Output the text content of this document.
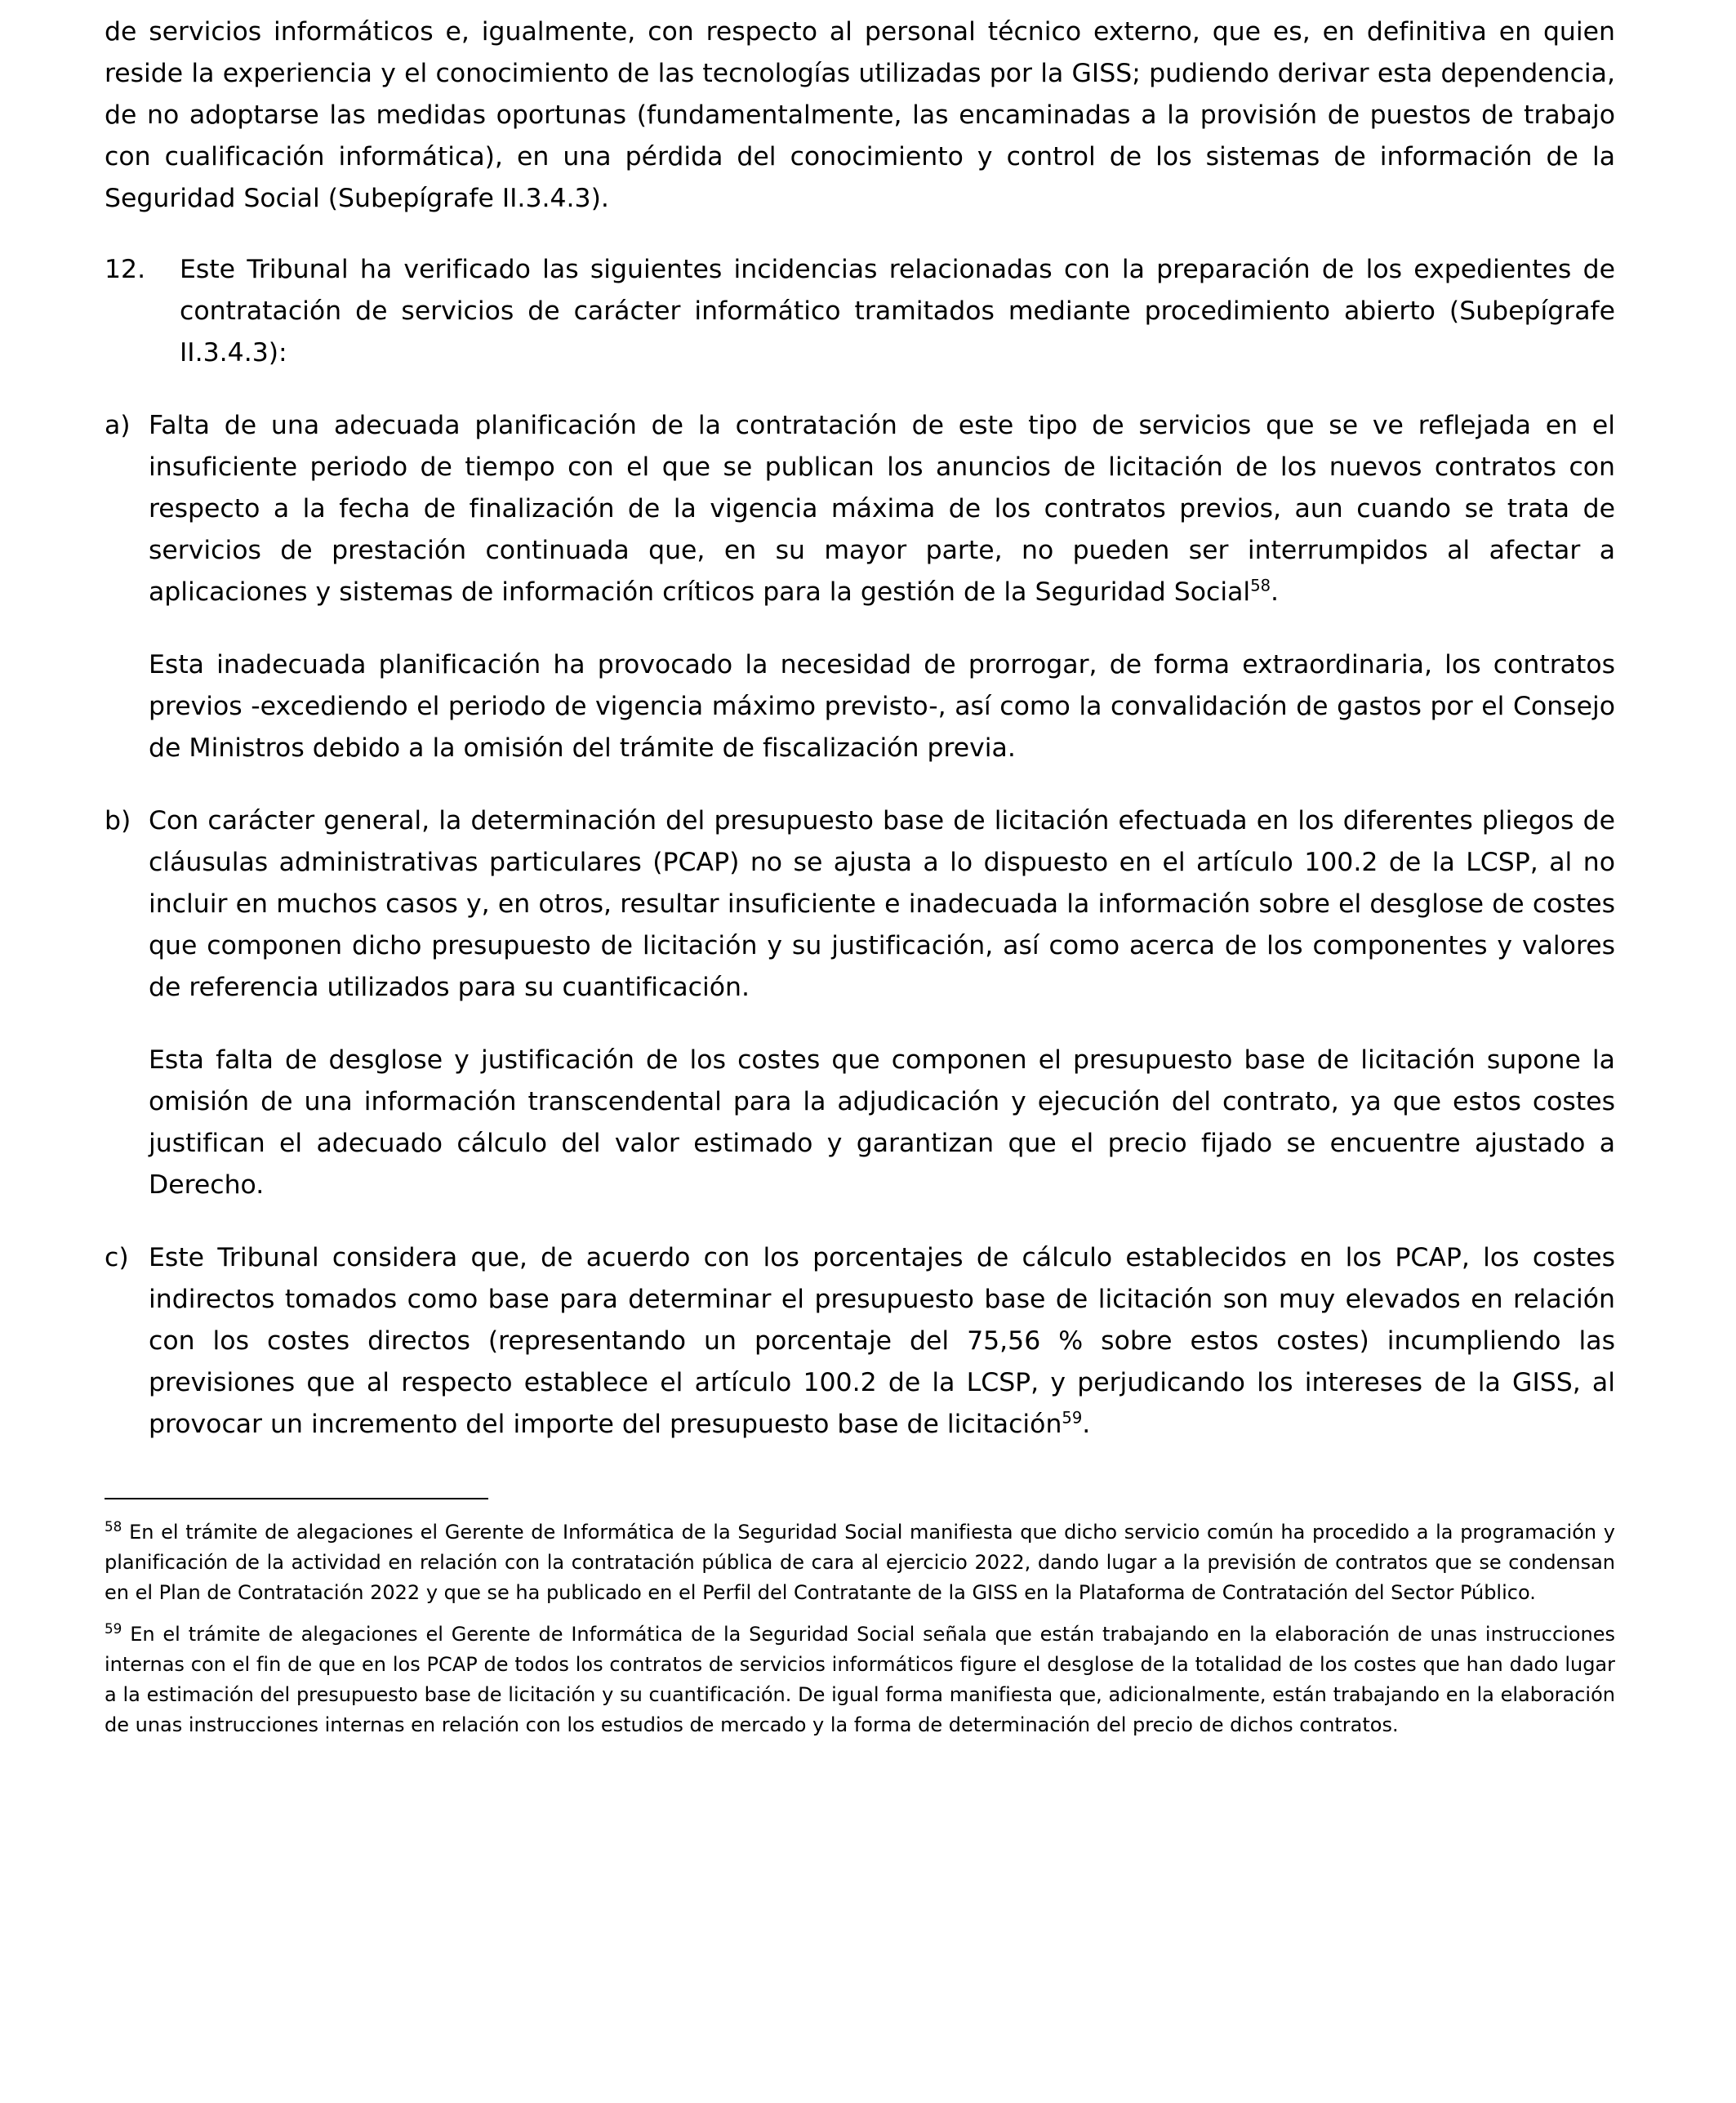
de servicios informáticos e, igualmente, con respecto al personal técnico externo, que es, en definitiva en quien reside la experiencia y el conocimiento de las tecnologías utilizadas por la GISS; pudiendo derivar esta dependencia, de no adoptarse las medidas oportunas (fundamentalmente, las encaminadas a la provisión de puestos de trabajo con cualificación informática), en una pérdida del conocimiento y control de los sistemas de información de la Seguridad Social (Subepígrafe II.3.4.3).

12.	Este Tribunal ha verificado las siguientes incidencias relacionadas con la preparación de los expedientes de contratación de servicios de carácter informático tramitados mediante procedimiento abierto (Subepígrafe II.3.4.3):

a) Falta de una adecuada planificación de la contratación de este tipo de servicios que se ve reflejada en el insuficiente periodo de tiempo con el que se publican los anuncios de licitación de los nuevos contratos con respecto a la fecha de finalización de la vigencia máxima de los contratos previos, aun cuando se trata de servicios de prestación continuada que, en su mayor parte, no pueden ser interrumpidos al afectar a aplicaciones y sistemas de información críticos para la gestión de la Seguridad Social$^{58}$.

Esta inadecuada planificación ha provocado la necesidad de prorrogar, de forma extraordinaria, los contratos previos -excediendo el periodo de vigencia máximo previsto-, así como la convalidación de gastos por el Consejo de Ministros debido a la omisión del trámite de fiscalización previa.

b) Con carácter general, la determinación del presupuesto base de licitación efectuada en los diferentes pliegos de cláusulas administrativas particulares (PCAP) no se ajusta a lo dispuesto en el artículo 100.2 de la LCSP, al no incluir en muchos casos y, en otros, resultar insuficiente e inadecuada la información sobre el desglose de costes que componen dicho presupuesto de licitación y su justificación, así como acerca de los componentes y valores de referencia utilizados para su cuantificación.

Esta falta de desglose y justificación de los costes que componen el presupuesto base de licitación supone la omisión de una información transcendental para la adjudicación y ejecución del contrato, ya que estos costes justifican el adecuado cálculo del valor estimado y garantizan que el precio fijado se encuentre ajustado a Derecho.

c) Este Tribunal considera que, de acuerdo con los porcentajes de cálculo establecidos en los PCAP, los costes indirectos tomados como base para determinar el presupuesto base de licitación son muy elevados en relación con los costes directos (representando un porcentaje del 75,56 % sobre estos costes) incumpliendo las previsiones que al respecto establece el artículo 100.2 de la LCSP, y perjudicando los intereses de la GISS, al provocar un incremento del importe del presupuesto base de licitación$^{59}$.

$^{58}$ En el trámite de alegaciones el Gerente de Informática de la Seguridad Social manifiesta que dicho servicio común ha procedido a la programación y planificación de la actividad en relación con la contratación pública de cara al ejercicio 2022, dando lugar a la previsión de contratos que se condensan en el Plan de Contratación 2022 y que se ha publicado en el Perfil del Contratante de la GISS en la Plataforma de Contratación del Sector Público.

$^{59}$ En el trámite de alegaciones el Gerente de Informática de la Seguridad Social señala que están trabajando en la elaboración de unas instrucciones internas con el fin de que en los PCAP de todos los contratos de servicios informáticos figure el desglose de la totalidad de los costes que han dado lugar a la estimación del presupuesto base de licitación y su cuantificación. De igual forma manifiesta que, adicionalmente, están trabajando en la elaboración de unas instrucciones internas en relación con los estudios de mercado y la forma de determinación del precio de dichos contratos.
